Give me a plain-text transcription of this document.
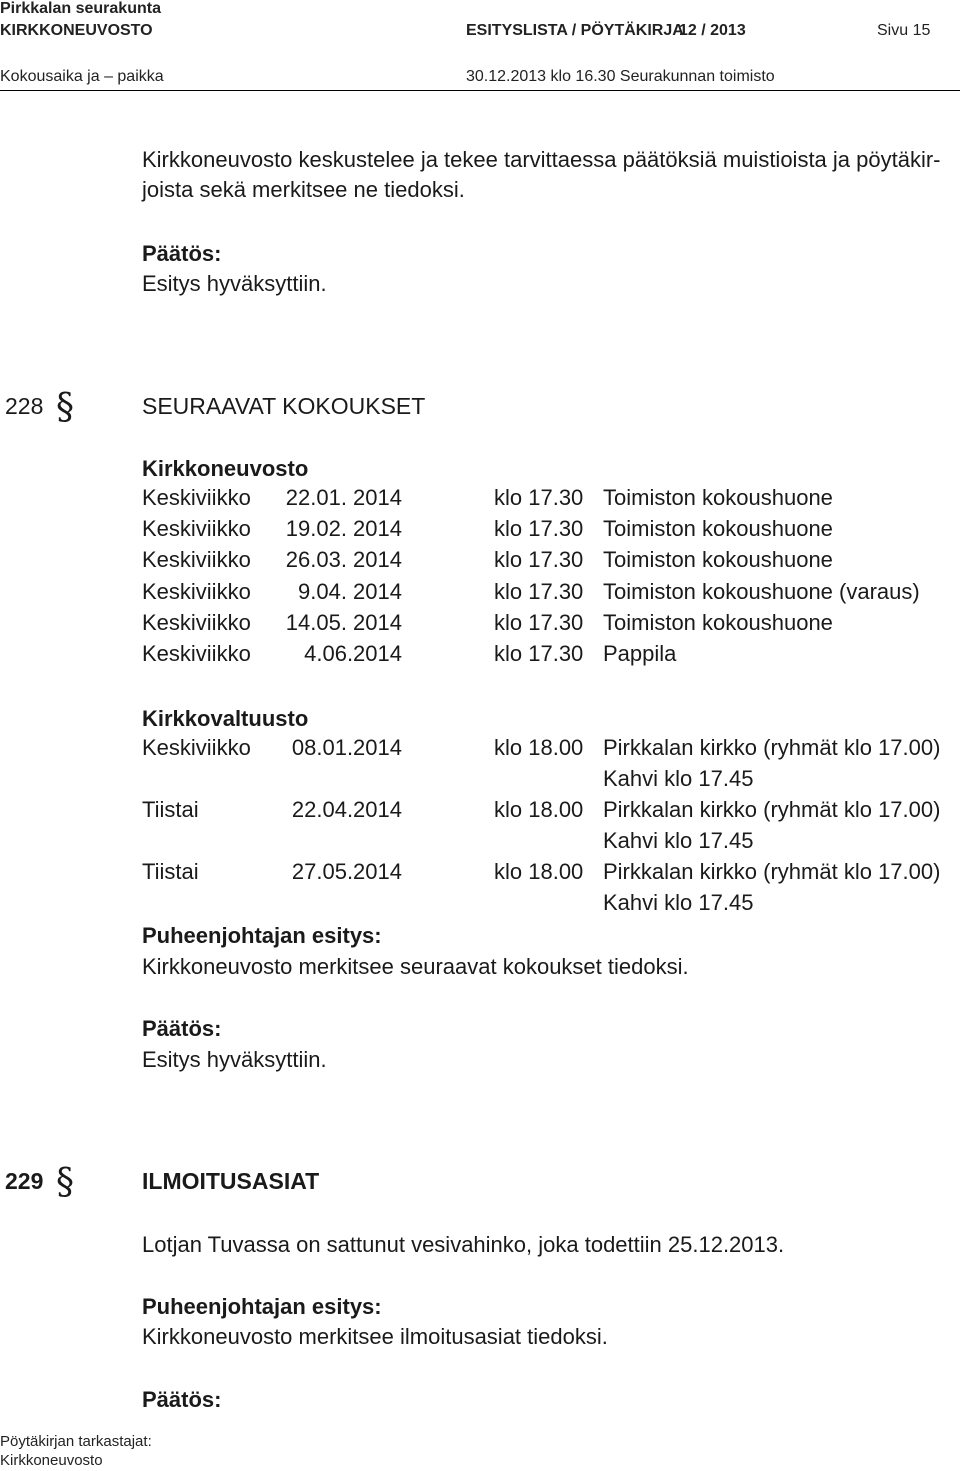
Pirkkalan seurakunta
KIRKKONEUVOSTO	ESITYSLISTA / PÖYTÄKIRJA
12 / 2013	Sivu 15
Kokousaika ja – paikka	30.12.2013 klo 16.30 Seurakunnan toimisto
Kirkkoneuvosto keskustelee ja tekee tarvittaessa päätöksiä muistioista ja pöytäkir-
joista sekä merkitsee ne tiedoksi.
Päätös:
Esitys hyväksyttiin.
228 §	SEURAAVAT KOKOUKSET
Kirkkoneuvosto
Keskiviikko	22.01. 2014	klo 17.30 Toimiston kokoushuone
Keskiviikko	19.02. 2014	klo 17.30 Toimiston kokoushuone
Keskiviikko	26.03. 2014	klo 17.30 Toimiston kokoushuone
Keskiviikko	9.04. 2014	klo 17.30 Toimiston kokoushuone (varaus)
Keskiviikko	14.05. 2014	klo 17.30 Toimiston kokoushuone
Keskiviikko	4.06.2014	klo 17.30 Pappila
Kirkkovaltuusto
Keskiviikko	08.01.2014	klo 18.00 Pirkkalan kirkko (ryhmät klo 17.00)
Kahvi klo 17.45
Tiistai	22.04.2014	klo 18.00 Pirkkalan kirkko (ryhmät klo 17.00)
Kahvi klo 17.45
Tiistai	27.05.2014	klo 18.00 Pirkkalan kirkko (ryhmät klo 17.00)
Kahvi klo 17.45
Puheenjohtajan esitys:
Kirkkoneuvosto merkitsee seuraavat kokoukset tiedoksi.
Päätös:
Esitys hyväksyttiin.
229 §	ILMOITUSASIAT
Lotjan Tuvassa on sattunut vesivahinko, joka todettiin 25.12.2013.
Puheenjohtajan esitys:
Kirkkoneuvosto merkitsee ilmoitusasiat tiedoksi.
Päätös:
Pöytäkirjan tarkastajat:
Kirkkoneuvosto
